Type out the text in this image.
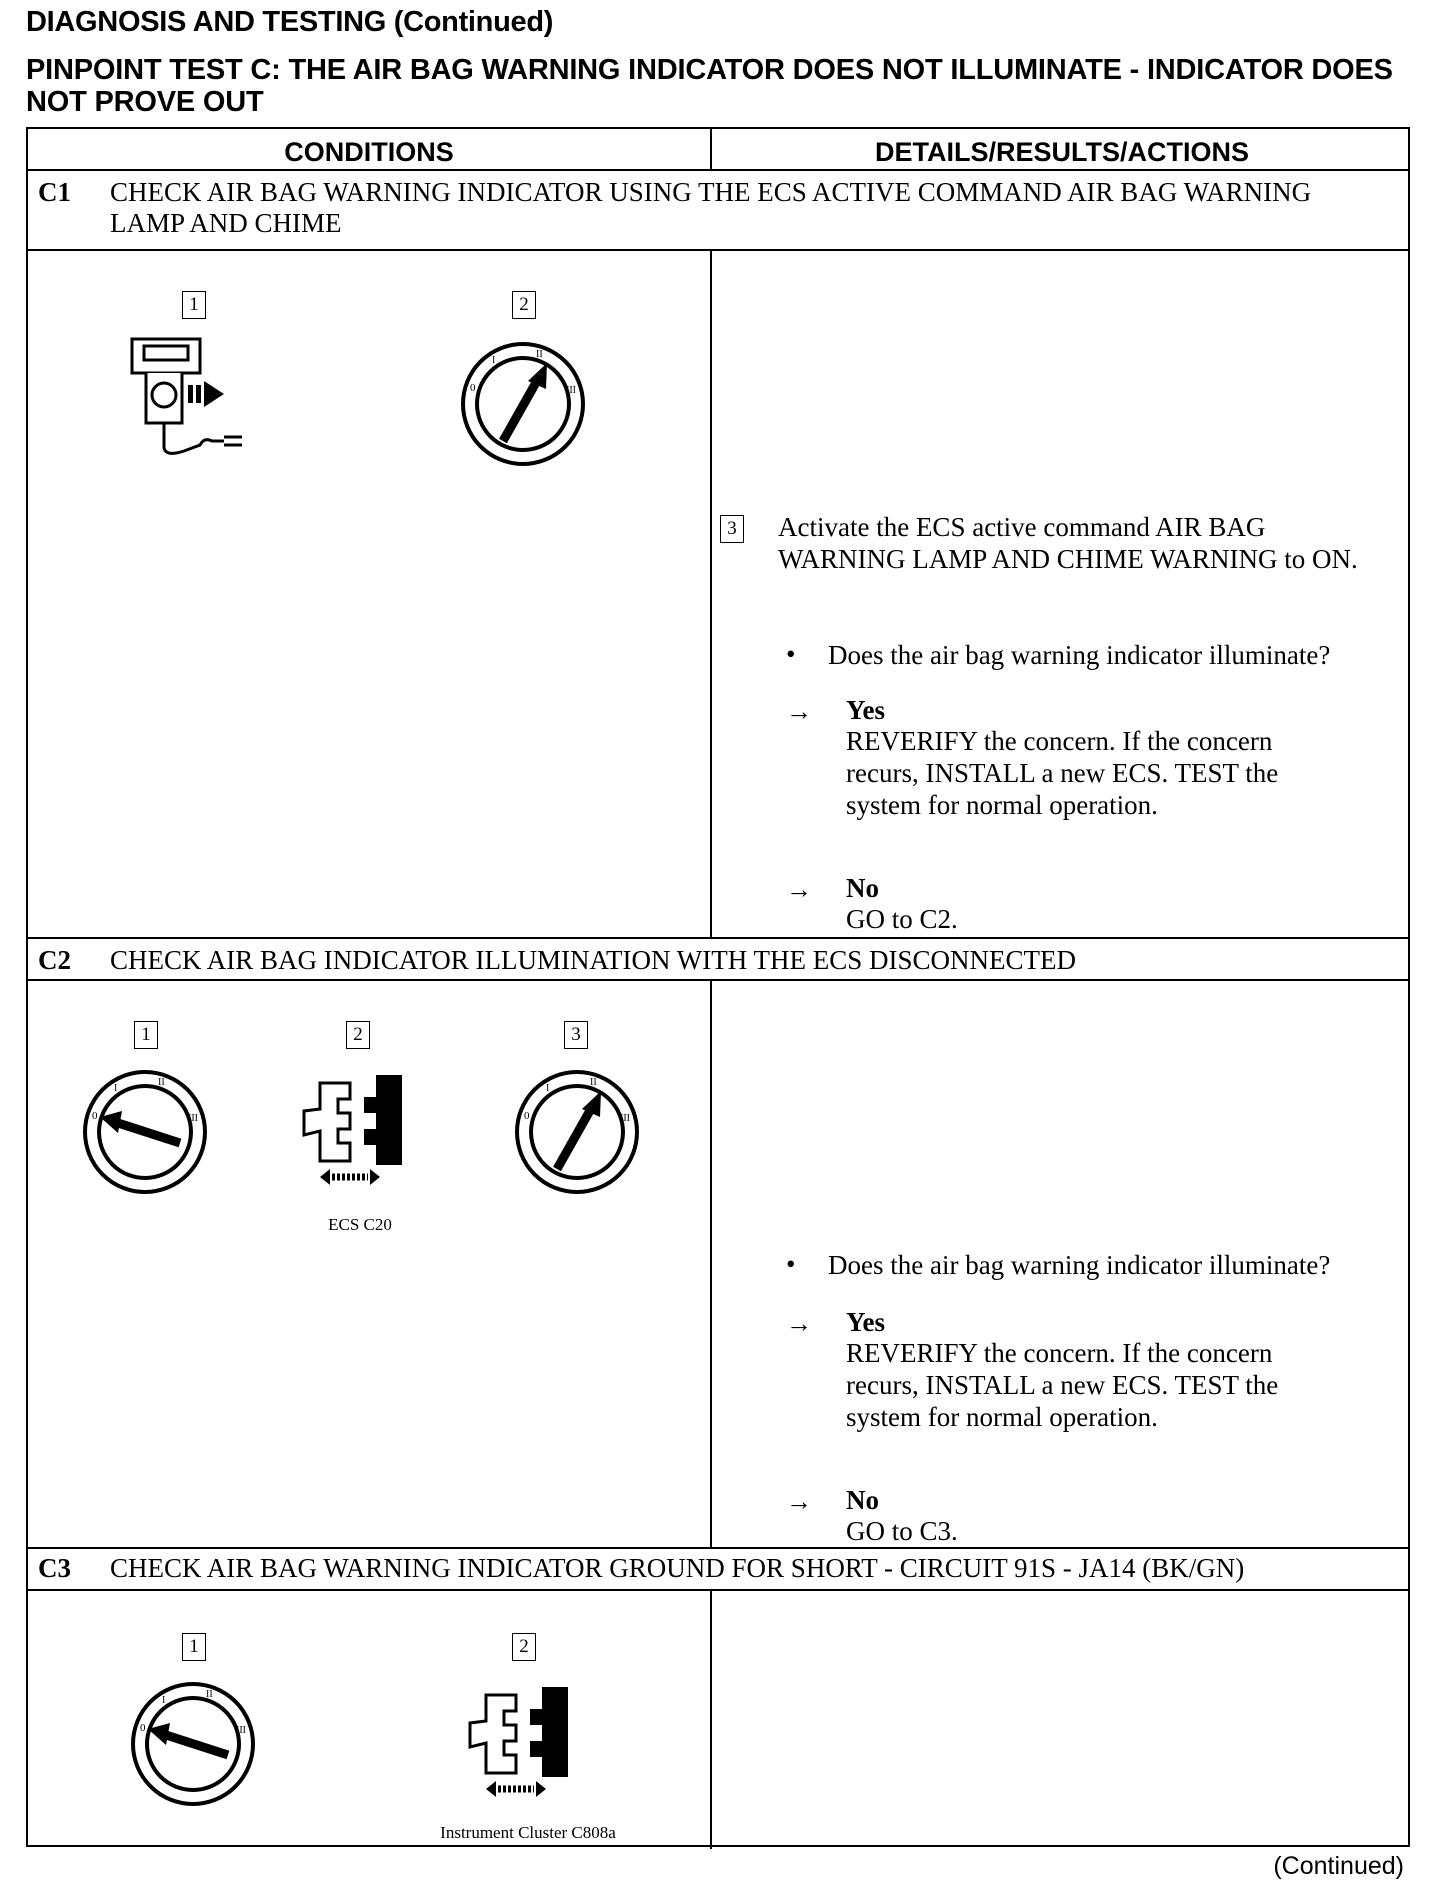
DIAGNOSIS AND TESTING (Continued)
PINPOINT TEST C: THE AIR BAG WARNING INDICATOR DOES NOT ILLUMINATE - INDICATOR DOES NOT PROVE OUT
CONDITIONS	DETAILS/RESULTS/ACTIONS
C1 CHECK AIR BAG WARNING INDICATOR USING THE ECS ACTIVE COMMAND AIR BAG WARNING LAMP AND CHIME
1	2
3 Activate the ECS active command AIR BAG WARNING LAMP AND CHIME WARNING to ON.
• Does the air bag warning indicator illuminate?
→ Yes
REVERIFY the concern. If the concern recurs, INSTALL a new ECS. TEST the system for normal operation.
→ No
GO to C2.
C2 CHECK AIR BAG INDICATOR ILLUMINATION WITH THE ECS DISCONNECTED
1	2
ECS C20
3
• Does the air bag warning indicator illuminate?
→ Yes
REVERIFY the concern. If the concern recurs, INSTALL a new ECS. TEST the system for normal operation.
→ No
GO to C3.
C3 CHECK AIR BAG WARNING INDICATOR GROUND FOR SHORT - CIRCUIT 91S - JA14 (BK/GN)
1	2
Instrument Cluster C808a
(Continued)
